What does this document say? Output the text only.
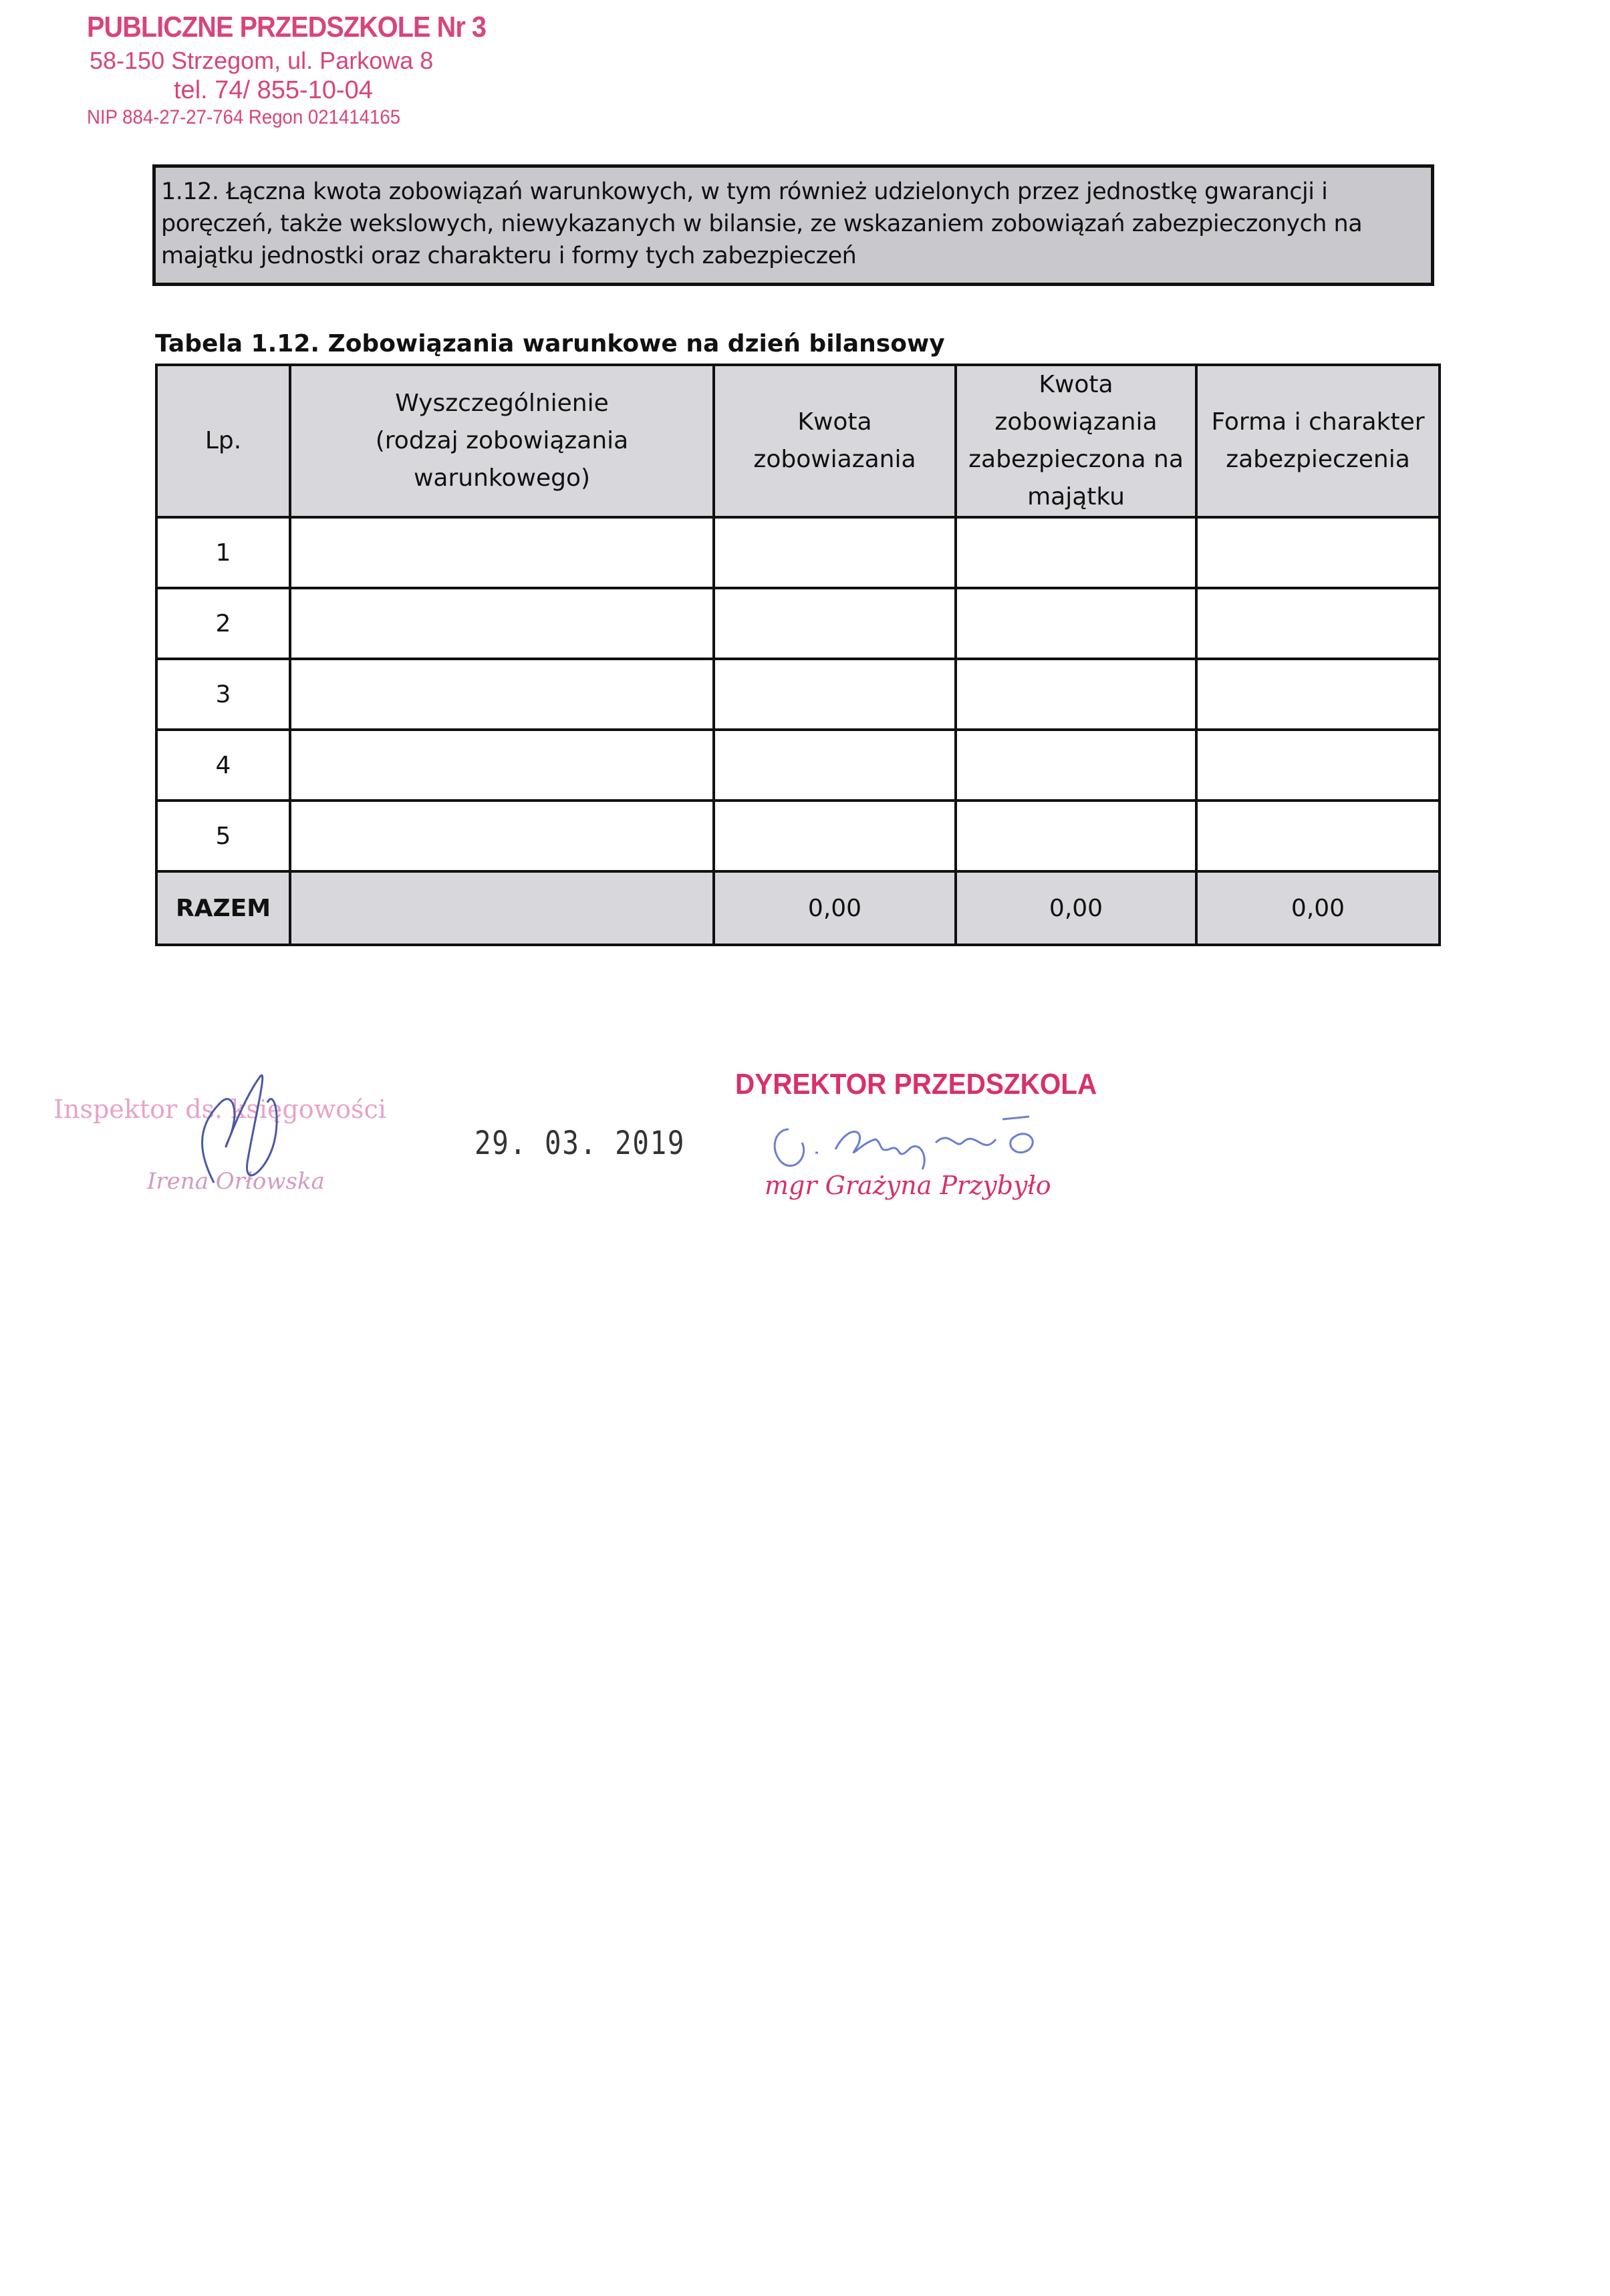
PUBLICZNE PRZEDSZKOLE Nr 3
58-150 Strzegom, ul. Parkowa 8
tel. 74/ 855-10-04
NIP 884-27-27-764 Regon 021414165
1.12. Łączna kwota zobowiązań warunkowych, w tym również udzielonych przez jednostkę gwarancji i poręczeń, także wekslowych, niewykazanych w bilansie, ze wskazaniem zobowiązań zabezpieczonych na majątku jednostki oraz charakteru i formy tych zabezpieczeń
Tabela 1.12. Zobowiązania warunkowe na dzień bilansowy
Lp.	Wyszczególnienie (rodzaj zobowiązania warunkowego)	Kwota zobowiazania	Kwota zobowiązania zabezpieczona na majątku	Forma i charakter zabezpieczenia
1				
2				
3				
4				
5				
RAZEM		0,00	0,00	0,00
Inspektor ds. księgowości
Irena Orłowska
29. 03. 2019
DYREKTOR PRZEDSZKOLA
mgr Grażyna Przybyło
